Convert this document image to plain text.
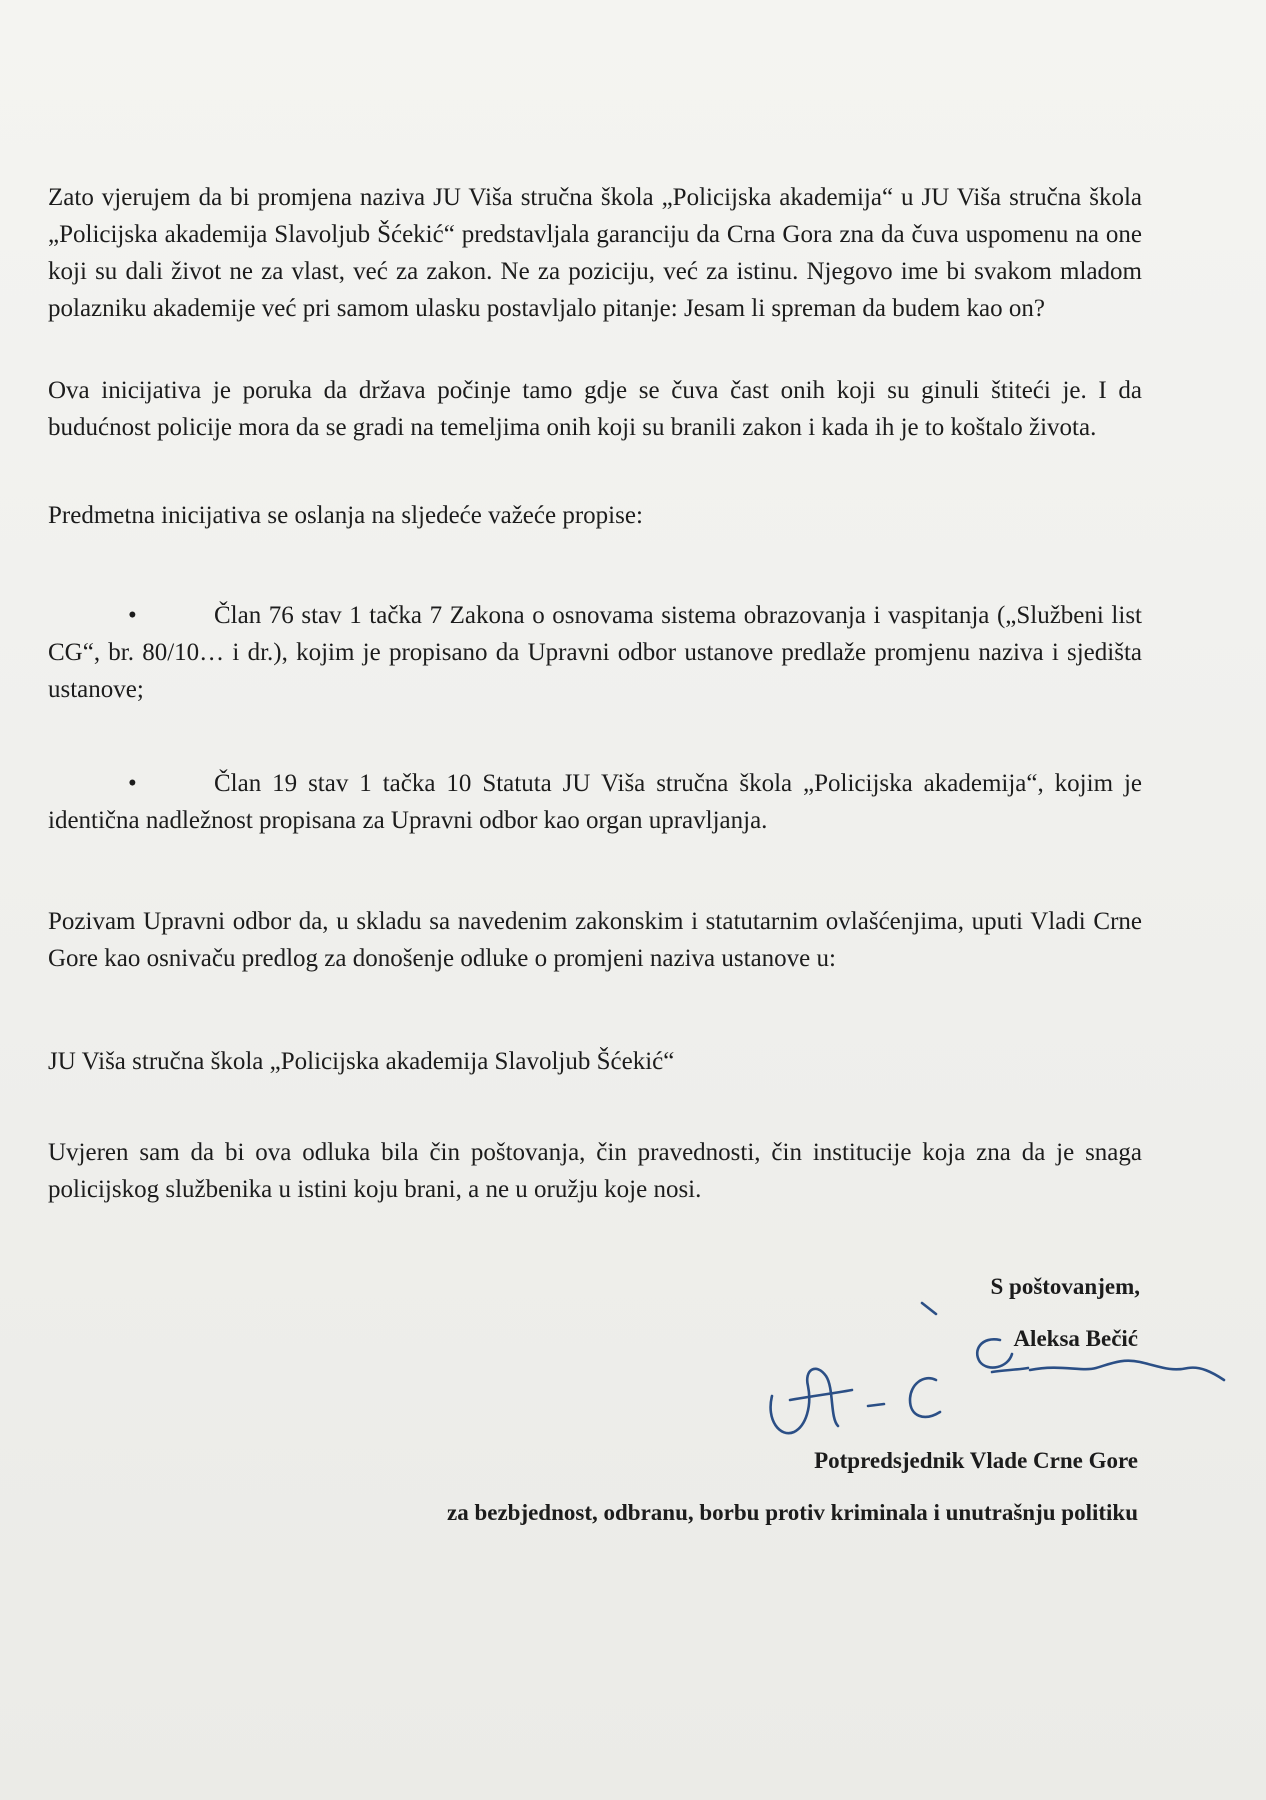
Zato vjerujem da bi promjena naziva JU Viša stručna škola „Policijska akademija“ u JU Viša stručna škola „Policijska akademija Slavoljub Šćekić“ predstavljala garanciju da Crna Gora zna da čuva uspomenu na one koji su dali život ne za vlast, već za zakon. Ne za poziciju, već za istinu. Njegovo ime bi svakom mladom polazniku akademije već pri samom ulasku postavljalo pitanje: Jesam li spreman da budem kao on?

Ova inicijativa je poruka da država počinje tamo gdje se čuva čast onih koji su ginuli štiteći je. I da budućnost policije mora da se gradi na temeljima onih koji su branili zakon i kada ih je to koštalo života.

Predmetna inicijativa se oslanja na sljedeće važeće propise:

•	Član 76 stav 1 tačka 7 Zakona o osnovama sistema obrazovanja i vaspitanja („Službeni list CG“, br. 80/10… i dr.), kojim je propisano da Upravni odbor ustanove predlaže promjenu naziva i sjedišta ustanove;
•	Član 19 stav 1 tačka 10 Statuta JU Viša stručna škola „Policijska akademija“, kojim je identična nadležnost propisana za Upravni odbor kao organ upravljanja.

Pozivam Upravni odbor da, u skladu sa navedenim zakonskim i statutarnim ovlašćenjima, uputi Vladi Crne Gore kao osnivaču predlog za donošenje odluke o promjeni naziva ustanove u:

JU Viša stručna škola „Policijska akademija Slavoljub Šćekić“

Uvjeren sam da bi ova odluka bila čin poštovanja, čin pravednosti, čin institucije koja zna da je snaga policijskog službenika u istini koju brani, a ne u oružju koje nosi.

S poštovanjem,
Aleksa Bečić
Potpredsjednik Vlade Crne Gore
za bezbjednost, odbranu, borbu protiv kriminala i unutrašnju politiku
